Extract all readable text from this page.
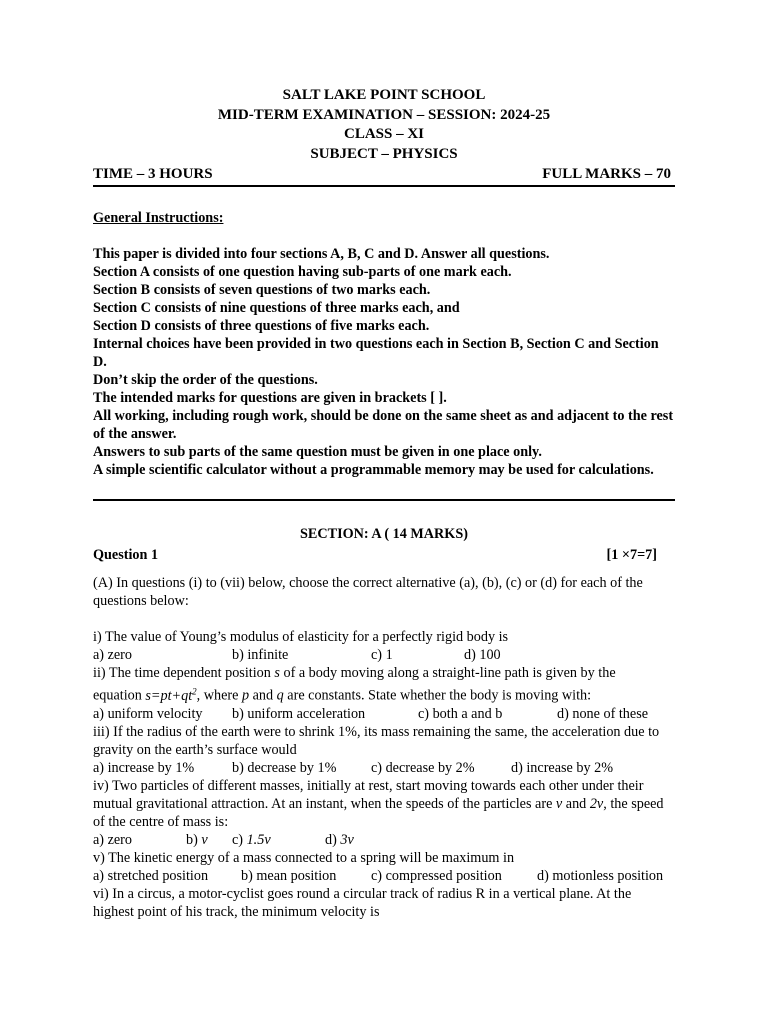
SALT LAKE POINT SCHOOL
MID-TERM EXAMINATION – SESSION: 2024-25
CLASS – XI
SUBJECT – PHYSICS
TIME – 3 HOURS	FULL MARKS – 70
General Instructions:
This paper is divided into four sections A, B, C and D. Answer all questions.
Section A consists of one question having sub-parts of one mark each.
Section B consists of seven questions of two marks each.
Section C consists of nine questions of three marks each, and
Section D consists of three questions of five marks each.
Internal choices have been provided in two questions each in Section B, Section C and Section D.
Don’t skip the order of the questions.
The intended marks for questions are given in brackets [ ].
All working, including rough work, should be done on the same sheet as and adjacent to the rest of the answer.
Answers to sub parts of the same question must be given in one place only.
A simple scientific calculator without a programmable memory may be used for calculations.
SECTION: A ( 14 MARKS)
Question 1	[1 ×7=7]
(A) In questions (i) to (vii) below, choose the correct alternative (a), (b), (c) or (d) for each of the questions below:
i) The value of Young’s modulus of elasticity for a perfectly rigid body is
a) zero	b) infinite	c) 1	d) 100
ii) The time dependent position s of a body moving along a straight-line path is given by the
equation $s=pt+qt^2$, where p and q are constants. State whether the body is moving with:
a) uniform velocity	b) uniform acceleration	c) both a and b	d) none of these
iii) If the radius of the earth were to shrink 1%, its mass remaining the same, the acceleration due to gravity on the earth’s surface would
a) increase by 1%	b) decrease by 1%	c) decrease by 2%	d) increase by 2%
iv) Two particles of different masses, initially at rest, start moving towards each other under their mutual gravitational attraction. At an instant, when the speeds of the particles are v and 2v, the speed of the centre of mass is:
a) zero	b) v	c) 1.5v	d) 3v
v) The kinetic energy of a mass connected to a spring will be maximum in
a) stretched position	b) mean position	c) compressed position	d) motionless position
vi) In a circus, a motor-cyclist goes round a circular track of radius R in a vertical plane. At the highest point of his track, the minimum velocity is
